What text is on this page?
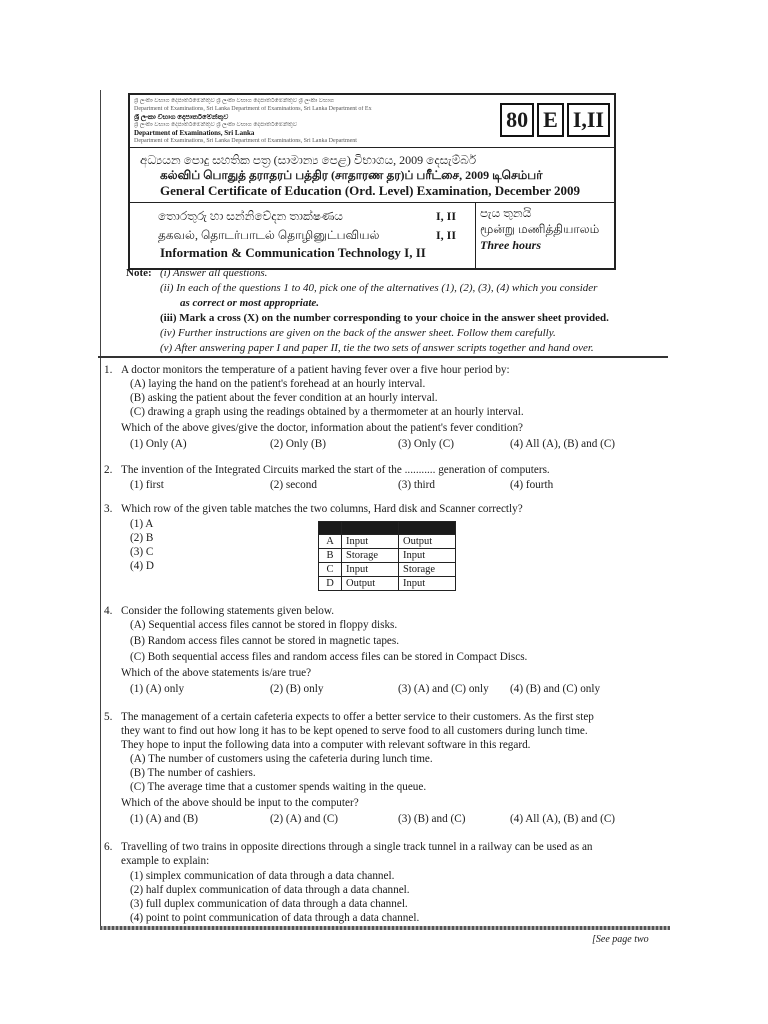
ශ්‍රී ලංකා විභාග දෙපාර්තමේන්තුව ශ්‍රී ලංකා විභාග දෙපාර්තමේන්තුව ශ්‍රී ලංකා විභාග
Department of Examinations, Sri Lanka Department of Examinations, Sri Lanka Department of Ex
ශ්‍රී ලංකා විභාග දෙපාර්තමේන්තුව
ශ්‍රී ලංකා විභාග දෙපාර්තමේන්තුව ශ්‍රී ලංකා විභාග දෙපාර්තමේන්තුව
Department of Examinations, Sri Lanka
Department of Examinations, Sri Lanka Department of Examinations, Sri Lanka Department
80 E I,II
අධ්‍යයන පොදු සහතික පත්‍ර (සාමාන්‍ය පෙළ) විභාගය, 2009 දෙසැම්බර්
கல்விப் பொதுத் தராதரப் பத்திர (சாதாரண தர)ப் பரீட்சை, 2009 டிசெம்பர்
General Certificate of Education (Ord. Level) Examination, December 2009
තොරතුරු හා සන්නිවේදන තාක්ෂණය	I, II
தகவல், தொடர்பாடல் தொழினுட்பவியல்	I, II
Information & Communication Technology I, II
පැය තුනයි
மூன்று மணித்தியாலம்
Three hours
Note: (i) Answer all questions.
(ii) In each of the questions 1 to 40, pick one of the alternatives (1), (2), (3), (4) which you consider
as correct or most appropriate.
(iii) Mark a cross (X) on the number corresponding to your choice in the answer sheet provided.
(iv) Further instructions are given on the back of the answer sheet. Follow them carefully.
(v) After answering paper I and paper II, tie the two sets of answer scripts together and hand over.
1. A doctor monitors the temperature of a patient having fever over a five hour period by:
(A) laying the hand on the patient's forehead at an hourly interval.
(B) asking the patient about the fever condition at an hourly interval.
(C) drawing a graph using the readings obtained by a thermometer at an hourly interval.
Which of the above gives/give the doctor, information about the patient's fever condition?
(1) Only (A)	(2) Only (B)	(3) Only (C)	(4) All (A), (B) and (C)
2. The invention of the Integrated Circuits marked the start of the ........... generation of computers.
(1) first	(2) second	(3) third	(4) fourth
3. Which row of the given table matches the two columns, Hard disk and Scanner correctly?
(1) A
(2) B
(3) C
(4) D

A	Input	Output
B	Storage	Input
C	Input	Storage
D	Output	Input
4. Consider the following statements given below.
(A) Sequential access files cannot be stored in floppy disks.
(B) Random access files cannot be stored in magnetic tapes.
(C) Both sequential access files and random access files can be stored in Compact Discs.
Which of the above statements is/are true?
(1) (A) only	(2) (B) only	(3) (A) and (C) only (4) (B) and (C) only
5. The management of a certain cafeteria expects to offer a better service to their customers. As the first step
they want to find out how long it has to be kept opened to serve food to all customers during lunch time.
They hope to input the following data into a computer with relevant software in this regard.
(A) The number of customers using the cafeteria during lunch time.
(B) The number of cashiers.
(C) The average time that a customer spends waiting in the queue.
Which of the above should be input to the computer?
(1) (A) and (B)	(2) (A) and (C)	(3) (B) and (C)	(4) All (A), (B) and (C)
6. Travelling of two trains in opposite directions through a single track tunnel in a railway can be used as an
example to explain:
(1) simplex communication of data through a data channel.
(2) half duplex communication of data through a data channel.
(3) full duplex communication of data through a data channel.
(4) point to point communication of data through a data channel.
[See page two
